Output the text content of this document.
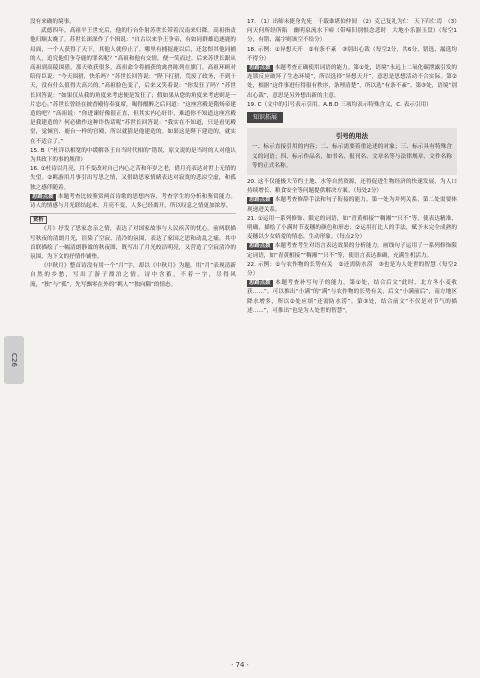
C26

没有来确的境事。

武德四年，高祖平王世充后，他的行台仆射苏世长带着汉南来归降。高祖指责他归顺太晚了。苏世长深深作了个揖说：“自古以来争王争帝，有如同群雄追逐鹿的局面，一个人获得了天下，其他人就停止了。哪里有捕捉鹿以后，还忿恨其他同捕的人，追究他们争夺鹿的罪名呢？”高祖和他有交情，便一笑而过。后来苏世长跟从高祖到高陵围猎，那天收获很多，高祖命令将捕获的禽兽陈列在旗门。高祖环顾对陪侍臣说：“今天围猎，快乐吗？”苏世长回答说：“陛下打猎，荒废了政务，不到十天，没有什么值得大高兴的。”高祖脸色变了，后来又笑着说：“你发狂了吗？”苏世长回答说：“如果仅从我的角度来考虑便是发狂了；假如果从您的角度来考虑则是一片忠心。”苏世长曾经在披香殿侍奉宴席，喝得酣醉之后问道：“这座宫殿是隋炀帝建造的吧？”高祖说：“你进谏好像很正直，但其实内心奸诈，难道你不知道这座宫殿是我建造的？何必做作这种诈伪话呢”苏世长回答说：“我实在不知道，只是看见殿堂，觉倾宫、鹿台一样的宫殿，所以就猜是他建造的。如果这是陛下建造的，就实在不适合了。”

15. B（“杜详以相宽的中缓解各王自当时代相的”错误，原文说的是当时的人对他认为其政下的事的规律）

16. ①杜诗以月亮，月不变改对自己内心之苦和年岁之老，借月亮表达对世上无情的失望。②羁游用月事引出写思之情，又借助思家情緒表达对寂寞的悲凉空虚，和孤独之感伴随着。

思路点拨 本题考查比较鉴赏两首诗歌的思想内容，考查学生的分析和鉴赏能力。诗人的情感与月光联结起来，月亮不变，人多已经离开，所以叹息之情更加浓厚。

赏析

《月》抒发了思家念亲之情，表达了对国家故事与人民疾苦的忧心。前两联描写秋夜的清朗月光，渲染了空寂、清冷的氛围，表达了家国之思和动乱之痛。其中首联描绘了一幅清朗静谧的秋夜图，既写出了月光皎洁明亮，又营造了空寂清冷的氛围，为下文的抒情作铺垫。

《中秋月》整首诗没有用一个“月”字，却以《中秋月》为题，用“月”表现清新自然的乡愁，写出了游子漂泊之情。诗中含蓄，不着一字，尽得风流，“独”与“孤”，先写飘零在外的“羁人”“独向隅”的情态。

17. （1）出师未捷身先死　千载谁堪伯仲间　（2）克己复礼为仁　天下归仁焉　（3）问天何所经所陷　幽明泉流水下啼（带啼旧别恨念悲时　大地小乐器玉盘）（每空1分，有错、漏字则该空不给分）

18. 示例：①异想天开　②有条不紊　③别出心裁（每空2分，共6分，错选、漏选均不得分）

思路点拨 本题考查正确使用词语的能力。第①处，语境“永远上二氧化碳泄露引发的连锁反应破坏了生态环境”，所以选择“异想天开”，意思是思想活动不合实际。第②处，根据“这件事进行得很有秩序，条理清楚”，所以选“有条不紊”。第③处，语境“别出心裁”，意思是另外想出新的主意。

19. C（文中的引号表示引用。A.B.D 三项均表示特殊含义，C. 表示引用）

知识拓展
引号的用法

一、标示直接引用的内容；二、标示需要着重论述的对象；三、标示具有特殊含义的词语；四、标示作品名，如书名、报刊名、文章名等与法律规章、文件名称等的正式名称。

20. 这不仅能极大节约土地、水等自然资源，还得促进生物经济的快速发展，为人口持续增长、粮食安全等问题提供解决方案。（每处2分）

思路点拨 本题考查修辞手法和句子衔接的能力。第一处为并列关系，第二处需要体现递进关系。

21. ①运用一系列修饰、限定的词语，如“青黄相接”“稠湘”“只不”等，使表达精准、明确，描绘了小满时节麦穗的颜色和形态；②运用打比人的手法，赋予未完全成熟的麦穗以少女娇羞的情态，生动形象。（每点2分）

思路点拨 本题考查考生对语言表达效果的分析能力。画线句子运用了一系列修饰限定词语，如“青黄相接”“稠湘”“只不”等，使语言表达准确，充满生机活力。

22. 示例：①与农作物的长势有关　②还需防水涝　③也是为人处世的智慧（每空2分）

思路点拨 本题考查补写句子的能力。第①处，结合后文“此时，北方冬小麦收获……”，可以推出“小满”的“满”与农作物的长势有关，后文“小满前后”，南方地区降水增多，所以②处应填“还需防水涝”。第③处，结合前文“不仅是对节气的描述……”，可推出“也是为人处世的智慧”。

· 74 ·
